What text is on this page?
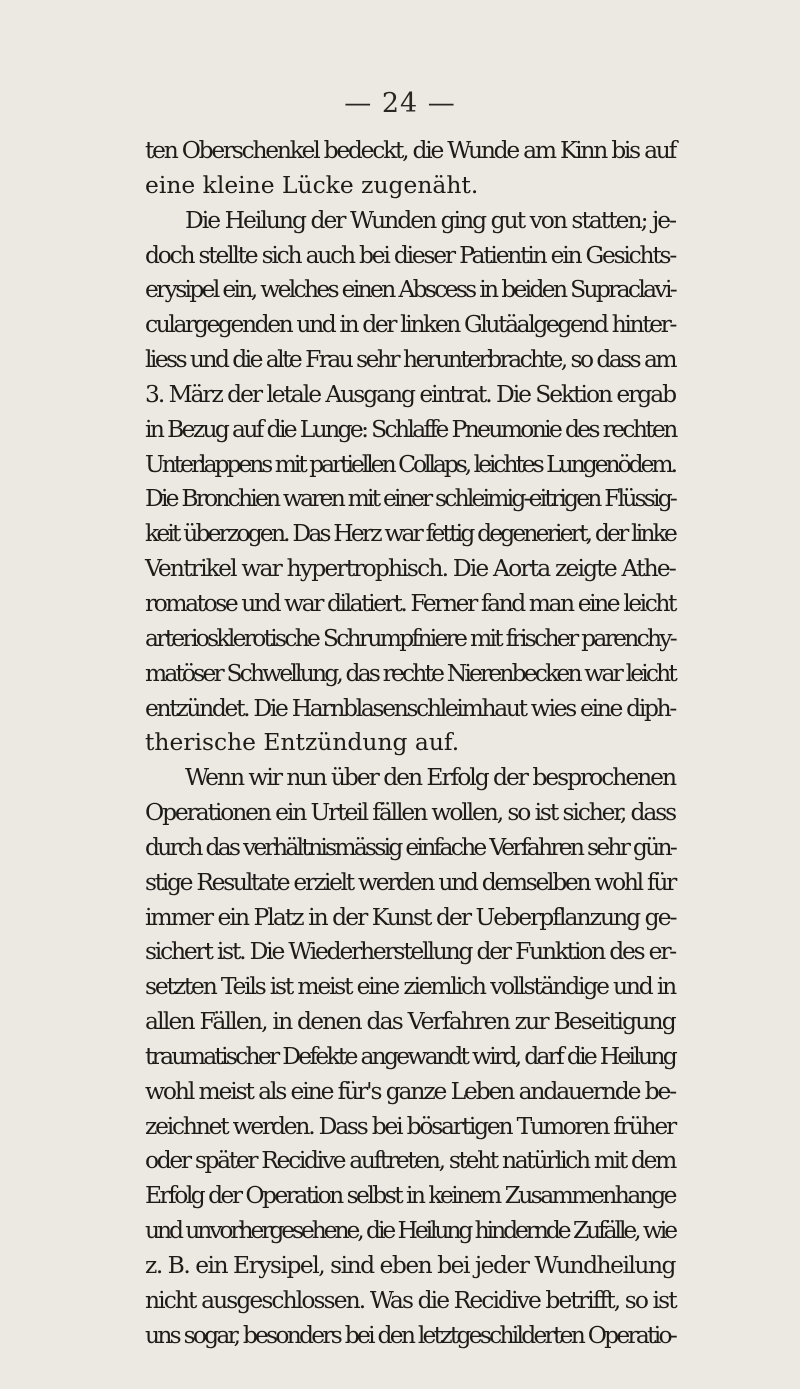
— 24 —
ten Oberschenkel bedeckt, die Wunde am Kinn bis auf
eine kleine Lücke zugenäht.
Die Heilung der Wunden ging gut von statten; je-
doch stellte sich auch bei dieser Patientin ein Gesichts-
erysipel ein, welches einen Abscess in beiden Supraclavi-
culargegenden und in der linken Glutäalgegend hinter-
liess und die alte Frau sehr herunterbrachte, so dass am
3. März der letale Ausgang eintrat. Die Sektion ergab
in Bezug auf die Lunge: Schlaffe Pneumonie des rechten
Unterlappens mit partiellen Collaps, leichtes Lungenödem.
Die Bronchien waren mit einer schleimig-eitrigen Flüssig-
keit überzogen. Das Herz war fettig degeneriert, der linke
Ventrikel war hypertrophisch. Die Aorta zeigte Athe-
romatose und war dilatiert. Ferner fand man eine leicht
arteriosklerotische Schrumpfniere mit frischer parenchy-
matöser Schwellung, das rechte Nierenbecken war leicht
entzündet. Die Harnblasenschleimhaut wies eine diph-
therische Entzündung auf.
Wenn wir nun über den Erfolg der besprochenen
Operationen ein Urteil fällen wollen, so ist sicher, dass
durch das verhältnismässig einfache Verfahren sehr gün-
stige Resultate erzielt werden und demselben wohl für
immer ein Platz in der Kunst der Ueberpflanzung ge-
sichert ist. Die Wiederherstellung der Funktion des er-
setzten Teils ist meist eine ziemlich vollständige und in
allen Fällen, in denen das Verfahren zur Beseitigung
traumatischer Defekte angewandt wird, darf die Heilung
wohl meist als eine für's ganze Leben andauernde be-
zeichnet werden. Dass bei bösartigen Tumoren früher
oder später Recidive auftreten, steht natürlich mit dem
Erfolg der Operation selbst in keinem Zusammenhange
und unvorhergesehene, die Heilung hindernde Zufälle, wie
z. B. ein Erysipel, sind eben bei jeder Wundheilung
nicht ausgeschlossen. Was die Recidive betrifft, so ist
uns sogar, besonders bei den letztgeschilderten Operatio-
